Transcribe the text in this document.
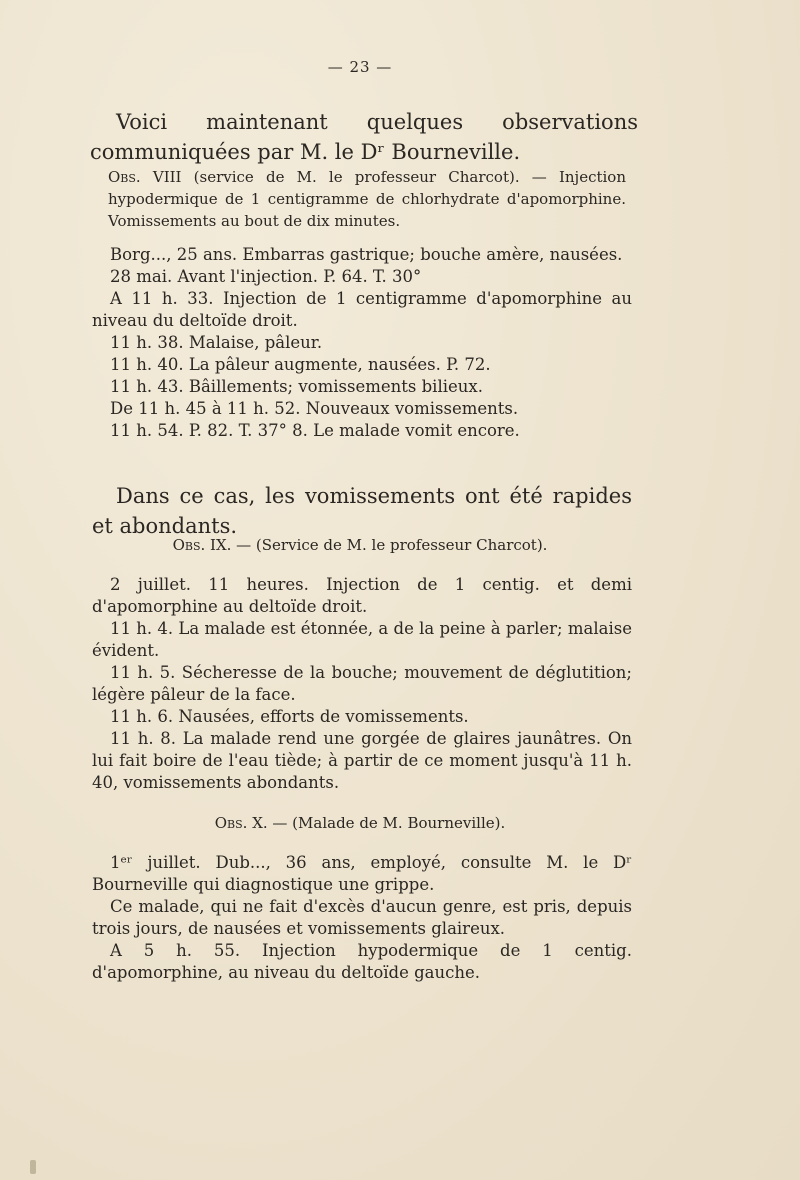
— 23 —

Voici maintenant quelques observations communiquées par M. le Dʳ Bourneville.

Obs. VIII (service de M. le professeur Charcot). — Injection hypodermique de 1 centigramme de chlorhydrate d'apomorphine. Vomissements au bout de dix minutes.

Borg..., 25 ans. Embarras gastrique; bouche amère, nausées.

28 mai. Avant l'injection. P. 64. T. 30°

A 11 h. 33. Injection de 1 centigramme d'apomorphine au niveau du deltoïde droit.

11 h. 38. Malaise, pâleur.

11 h. 40. La pâleur augmente, nausées. P. 72.

11 h. 43. Bâillements; vomissements bilieux.

De 11 h. 45 à 11 h. 52. Nouveaux vomissements.

11 h. 54. P. 82. T. 37° 8. Le malade vomit encore.

Dans ce cas, les vomissements ont été rapides et abondants.

Obs. IX. — (Service de M. le professeur Charcot).

2 juillet. 11 heures. Injection de 1 centig. et demi d'apomorphine au deltoïde droit.

11 h. 4. La malade est étonnée, a de la peine à parler; malaise évident.

11 h. 5. Sécheresse de la bouche; mouvement de déglutition; légère pâleur de la face.

11 h. 6. Nausées, efforts de vomissements.

11 h. 8. La malade rend une gorgée de glaires jaunâtres. On lui fait boire de l'eau tiède; à partir de ce moment jusqu'à 11 h. 40, vomissements abondants.

Obs. X. — (Malade de M. Bourneville).

1ᵉʳ juillet. Dub..., 36 ans, employé, consulte M. le Dʳ Bourneville qui diagnostique une grippe.

Ce malade, qui ne fait d'excès d'aucun genre, est pris, depuis trois jours, de nausées et vomissements glaireux.

A 5 h. 55. Injection hypodermique de 1 centig. d'apomorphine, au niveau du deltoïde gauche.
